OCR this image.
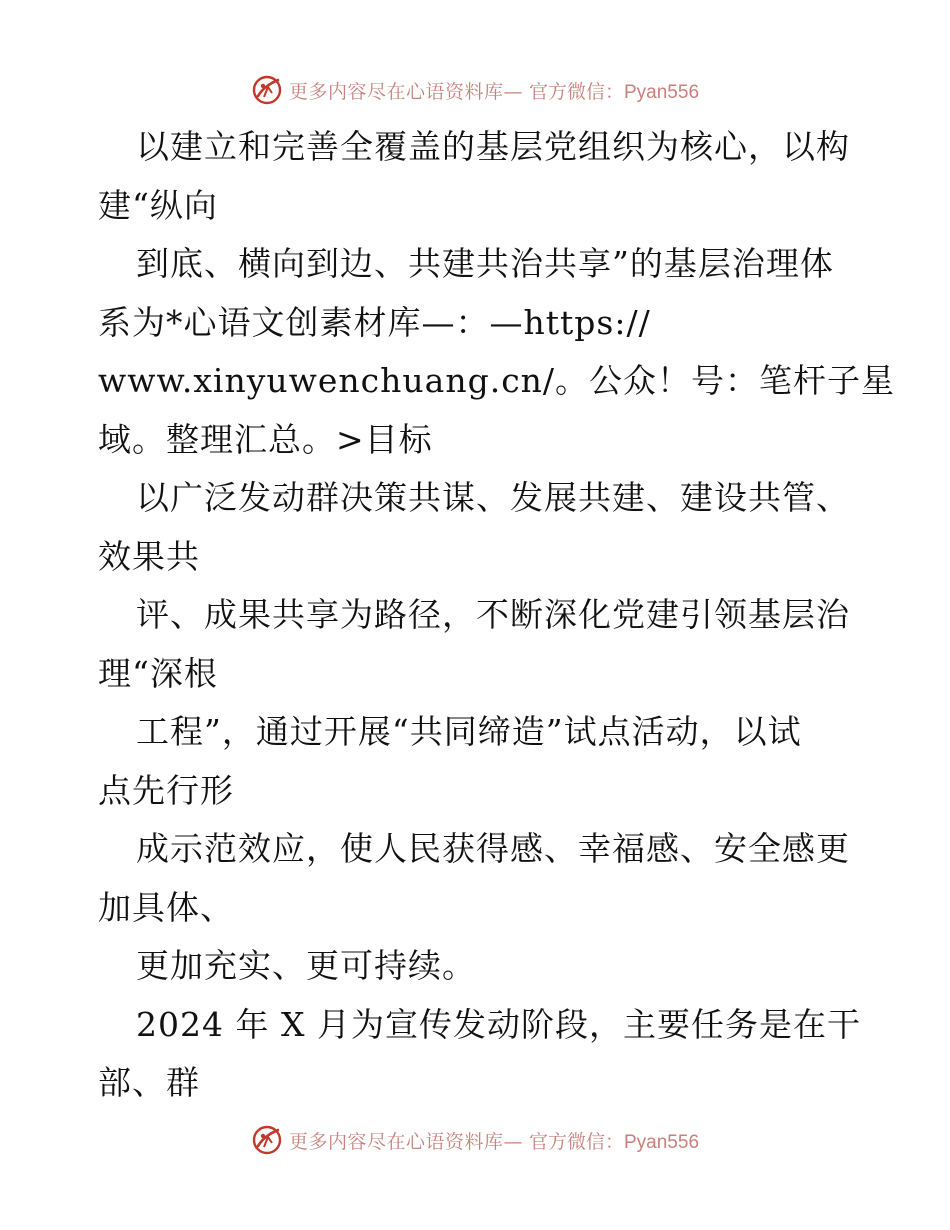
更多内容尽在心语资料库— 官方微信：Pyan556
以建立和完善全覆盖的基层党组织为核心，以构
建“纵向
到底、横向到边、共建共治共享”的基层治理体
系为*心语文创素材库—：—https://
www.xinyuwenchuang.cn/。公众！号：笔杆子星
域。整理汇总。>目标
以广泛发动群决策共谋、发展共建、建设共管、
效果共
评、成果共享为路径，不断深化党建引领基层治
理“深根
工程”，通过开展“共同缔造”试点活动，以试
点先行形
成示范效应，使人民获得感、幸福感、安全感更
加具体、
更加充实、更可持续。
2024 年 X 月为宣传发动阶段，主要任务是在干
部、群
更多内容尽在心语资料库— 官方微信：Pyan556
